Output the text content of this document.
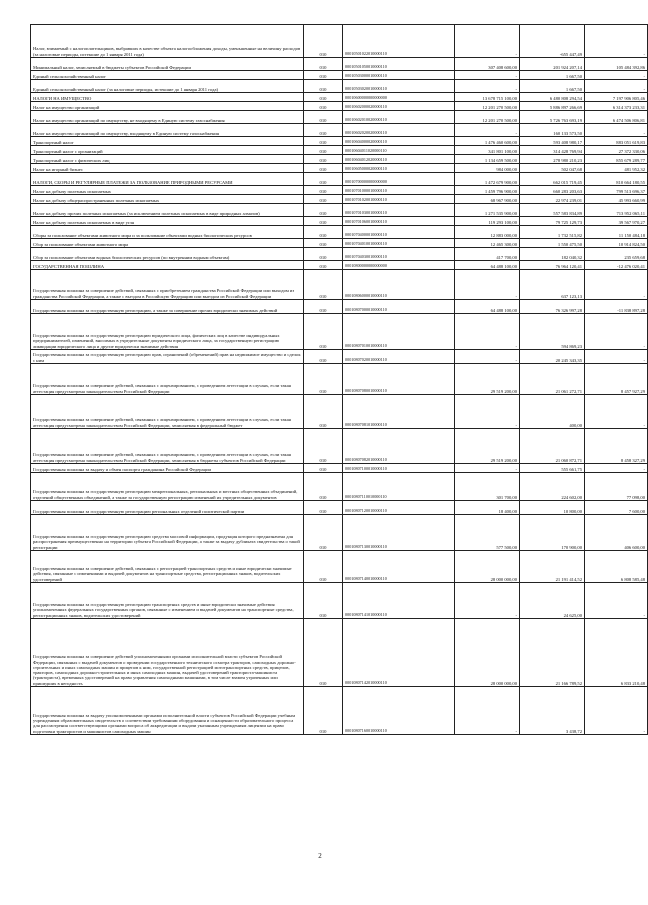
Налог, взимаемый с налогоплательщиков, выбравших в качестве объекта налогообложения доходы, уменьшенные на величину расходов (за налоговые периоды, истекшие до 1 января 2011 года)	010	00010501022010000110	-	-655 447,49	-
Минимальный налог, зачисляемый в бюджеты субъектов Российской Федерации	010	00010501050010000110	307 408 600,00	201 924 207,14	105 484 392,86
Единый сельскохозяйственный налог	010	00010503000010000110	-	1 667,50	-
Единый сельскохозяйственный налог (за налоговые периоды, истекшие до 1 января 2011 года)	010	00010503020010000110	-	1 667,50	-
НАЛОГИ НА ИМУЩЕСТВО	010	00010600000000000000	13 678 715 100,00	6 480 808 294,54	7 197 906 805,46
Налог на имущество организаций	010	00010602000020000110	12 201 270 500,00	5 886 897 266,69	6 314 373 233,31
Налог на имущество организаций по имуществу, не входящему в Единую систему газоснабжения	010	00010602010020000110	12 201 270 500,00	5 726 763 693,19	6 474 506 806,81
Налог на имущество организаций по имуществу, входящему в Единую систему газоснабжения	010	00010602020020000110	-	160 133 573,50	-
Транспортный налог	010	00010604000020000110	1 476 460 600,00	593 408 980,17	883 051 619,83
Транспортный налог с организаций	010	00010604011020000110	341 801 100,00	314 428 769,94	27 372 330,06
Транспортный налог с физических лиц	010	00010604012020000110	1 134 659 500,00	278 980 210,23	855 679 289,77
Налог на игорный бизнес	010	00010605000020000110	984 000,00	502 047,68	481 952,32
НАЛОГИ, СБОРЫ И РЕГУЛЯРНЫЕ ПЛАТЕЖИ ЗА ПОЛЬЗОВАНИЕ ПРИРОДНЫМИ РЕСУРСАМИ	010	00010700000000000000	1 472 679 900,00	662 015 719,45	810 664 180,55
Налог на добычу полезных ископаемых	010	00010701000010000110	1 459 796 900,00	660 283 203,63	799 513 696,37
Налог на добычу общераспространенных полезных ископаемых	010	00010701020010000110	68 967 900,00	22 974 239,01	45 993 660,99
Налог на добычу прочих полезных ископаемых (за исключением полезных ископаемых в виде природных алмазов)	010	00010701030010000110	1 271 535 900,00	557 583 834,89	713 952 065,11
Налог на добычу полезных ископаемых в виде угля	010	00010701060010000110	119 293 100,00	79 725 129,73	39 567 970,27
Сборы за пользование объектами животного мира и за пользование объектами водных биологических ресурсов	010	00010704000010000110	12 883 000,00	1 732 515,82	11 150 484,18
Сбор за пользование объектами животного мира	010	00010704010010000110	12 465 300,00	1 550 475,50	10 914 824,50
Сбор за пользование объектами водных биологических ресурсов (по внутренним водным объектам)	010	00010704030010000110	417 700,00	182 040,32	235 659,68
ГОСУДАРСТВЕННАЯ ПОШЛИНА	010	00010800000000000000	64 488 100,00	76 964 120,41	-12 476 020,41
Государственная пошлина за совершение действий, связанных с приобретением гражданства Российской Федерации или выходом из гражданства Российской Федерации, а также с въездом в Российскую Федерацию или выездом из Российской Федерации	010	00010806000010000110	-	637 123,13	-
Государственная пошлина за государственную регистрацию, а также за совершение прочих юридически значимых действий	010	00010807000010000110	64 488 100,00	76 326 997,28	-11 838 897,28
Государственная пошлина за государственную регистрацию юридического лица, физических лиц в качестве индивидуальных предпринимателей, изменений, вносимых в учредительные документы юридического лица, за государственную регистрацию ликвидации юридического лица и другие юридически значимые действия	010	00010807010010000110	-	594 869,23	-
Государственная пошлина за государственную регистрацию прав, ограничений (обременений) прав на недвижимое имущество и сделок с ним	010	00010807020010000110	-	20 245 343,35	-
Государственная пошлина за совершение действий, связанных с лицензированием, с проведением аттестации в случаях, если такая аттестация предусмотрена законодательством Российской Федерации	010	00010807080010000110	29 519 200,00	21 061 272,71	8 457 927,29
Государственная пошлина за совершение действий, связанных с лицензированием, с проведением аттестации в случаях, если такая аттестация предусмотрена законодательством Российской Федерации, зачисляемая в федеральный бюджет	010	00010807081010000110	-	400,00	-
Государственная пошлина за совершение действий, связанных с лицензированием, с проведением аттестации в случаях, если такая аттестация предусмотрена законодательством Российской Федерации, зачисляемая в бюджеты субъектов Российской Федерации	010	00010807082010000110	29 519 200,00	21 060 872,71	8 458 327,29
Государственная пошлина за выдачу и обмен паспорта гражданина Российской Федерации	010	00010807100010000110	-	555 661,75	-
Государственная пошлина за государственную регистрацию межрегиональных, региональных и местных общественных объединений, отделений общественных объединений, а также за государственную регистрацию изменений их учредительных документов	010	00010807110010000110	301 700,00	224 602,00	77 098,00
Государственная пошлина за государственную регистрацию региональных отделений политической партии	010	00010807120010000110	18 400,00	10 800,00	7 600,00
Государственная пошлина за государственную регистрацию средства массовой информации, продукция которого предназначена для распространения преимущественно на территории субъекта Российской Федерации, а также за выдачу дубликата свидетельства о такой регистрации	010	00010807130010000110	577 500,00	170 900,00	406 600,00
Государственная пошлина за совершение действий, связанных с регистрацией транспортных средств и иные юридически значимые действия, связанные с изменениями и выдачей документов на транспортные средства, регистрационных знаков, водительских удостоверений	010	00010807140010000110	28 000 000,00	21 191 414,52	6 808 585,48
Государственная пошлина за государственную регистрацию транспортных средств и иные юридически значимые действия уполномоченных федеральных государственных органов, связанные с изменением и выдачей документов на транспортные средства, регистрационных знаков, водительских удостоверений	010	00010807141010000110	-	24 625,00	-
Государственная пошлина за совершение действий уполномоченными органами исполнительной власти субъектов Российской Федерации, связанных с выдачей документов о проведении государственного технического осмотра тракторов, самоходных дорожно-строительных и иных самоходных машин и прицепов к ним, государственной регистрацией мототранспортных средств, прицепов, тракторов, самоходных дорожно-строительных и иных самоходных машин, выдачей удостоверений тракториста-машиниста (тракториста), временных удостоверений на право управления самоходными машинами, в том числе взамен утраченных или пришедших в негодность	010	00010807142010000110	28 000 000,00	21 166 789,52	6 833 210,48
Государственная пошлина за выдачу уполномоченными органами исполнительной власти субъектов Российской Федерации учебным учреждениям образовательных свидетельств о соответствии требованиям оборудования и оснащенности образовательного процесса для рассмотрения соответствующими органами вопроса об аккредитации и выдачи указанным учреждениям лицензии на право подготовки трактористов и машинистов самоходных машин	010	00010807160010000110	-	3 438,72	-
2
